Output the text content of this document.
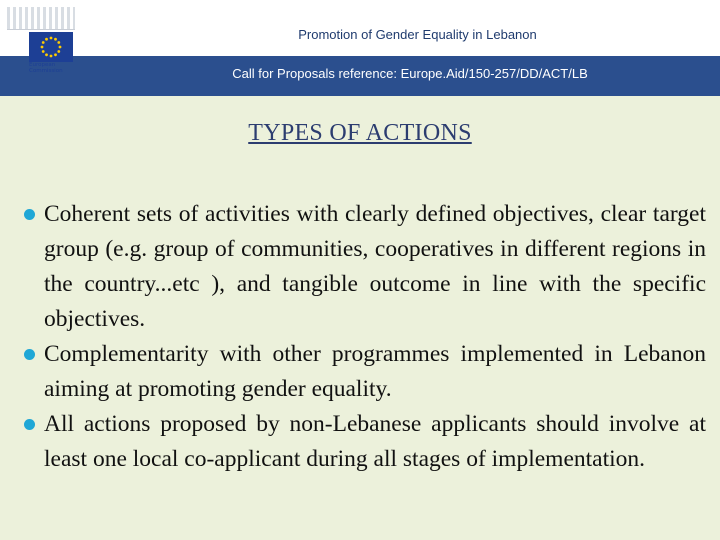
Promotion of Gender Equality in Lebanon
European Commission	Call for Proposals reference: Europe.Aid/150-257/DD/ACT/LB
TYPES OF ACTIONS
Coherent sets of activities with clearly defined objectives, clear target group (e.g. group of communities, cooperatives in different regions in the country...etc ), and tangible outcome in line with the specific objectives.
Complementarity with other programmes implemented in Lebanon aiming at promoting gender equality.
All actions proposed by non-Lebanese applicants should involve at least one local co-applicant during all stages of implementation.
